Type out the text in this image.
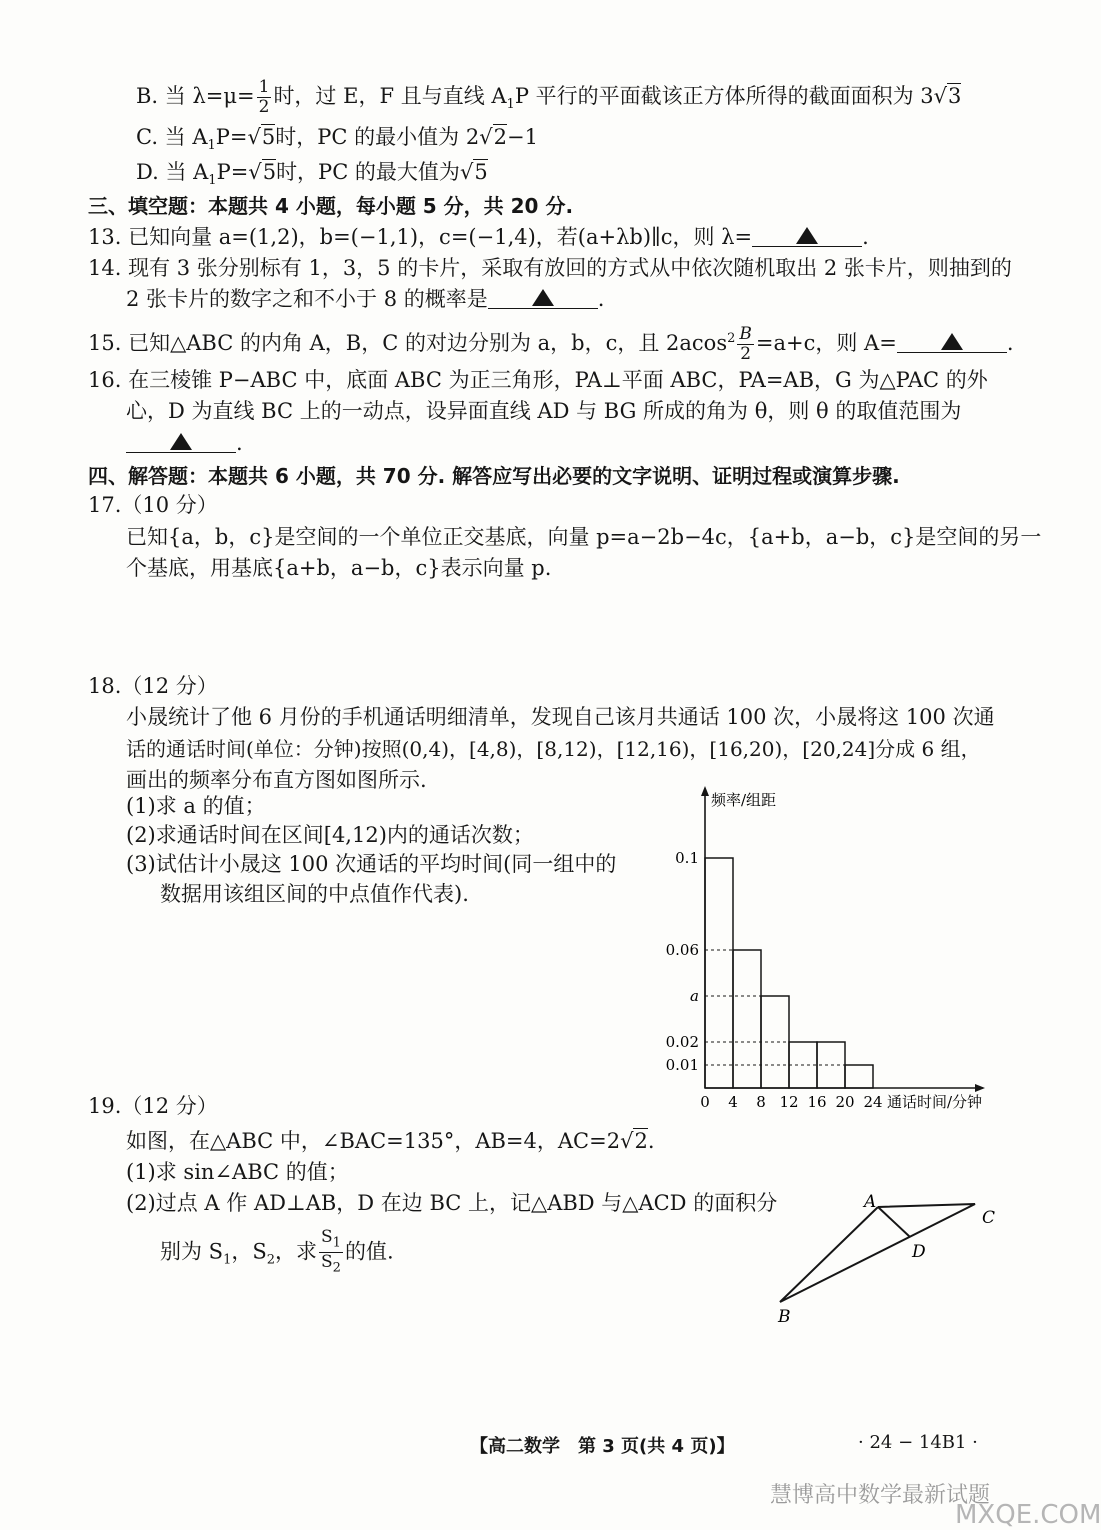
B. 当 $\lambda=\mu= \frac{1}{2}$ 时，过 E，F 且与直线 $A_1P$ 平行的平面截该正方体所得的截面面积为 3√3
C. 当 $A_1P=√5$时，PC 的最小值为 2√2−1
D. 当 $A_1P=√5$时，PC 的最大值为√5
三、填空题：本题共 4 小题，每小题 5 分，共 20 分.
13. 已知向量 a=(1,2)，b=(−1,1)，c=(−1,4)，若(a+λb)∥c，则 λ=	.
14. 现有 3 张分别标有 1，3，5 的卡片，采取有放回的方式从中依次随机取出 2 张卡片，则抽到的
2 张卡片的数字之和不小于 8 的概率是	.
15. 已知△ABC 的内角 A，B，C 的对边分别为 a，b，c，且 $2acos^2 \frac{B}{2} =a+c$，则 A=	.
16. 在三棱锥 P−ABC 中，底面 ABC 为正三角形，PA⊥平面 ABC，PA=AB，G 为△PAC 的外
心，D 为直线 BC 上的一动点，设异面直线 AD 与 BG 所成的角为 θ，则 θ 的取值范围为
.
四、解答题：本题共 6 小题，共 70 分. 解答应写出必要的文字说明、证明过程或演算步骤.
17.（10 分）
已知{a，b，c}是空间的一个单位正交基底，向量 p=a−2b−4c，{a+b，a−b，c}是空间的另一
个基底，用基底{a+b，a−b，c}表示向量 p.
18.（12 分）
小晟统计了他 6 月份的手机通话明细清单，发现自己该月共通话 100 次，小晟将这 100 次通
话的通话时间(单位：分钟)按照(0,4)，[4,8)，[8,12)，[12,16)，[16,20)，[20,24]分成 6 组，
画出的频率分布直方图如图所示.
(1)求 a 的值；
(2)求通话时间在区间[4,12)内的通话次数；
(3)试估计小晟这 100 次通话的平均时间(同一组中的
数据用该组区间的中点值作代表).
频率/组距
通话时间/分钟
0.01
0.02
a
0.06
0.1
0 4 8 12 16 20 24
19.（12 分）
如图，在△ABC 中，∠BAC=135°，AB=4，AC=2√2.
(1)求 sin∠ABC 的值；
(2)过点 A 作 AD⊥AB，D 在边 BC 上，记△ABD 与△ACD 的面积分
别为 $S_1$，$S_2$，求 $\frac{S_1}{S_2}$ 的值.
A
C
D
B
【高二数学　第 3 页(共 4 页)】	· 24 − 14B1 ·
慧博高中数学最新试题
MXQE.COM
